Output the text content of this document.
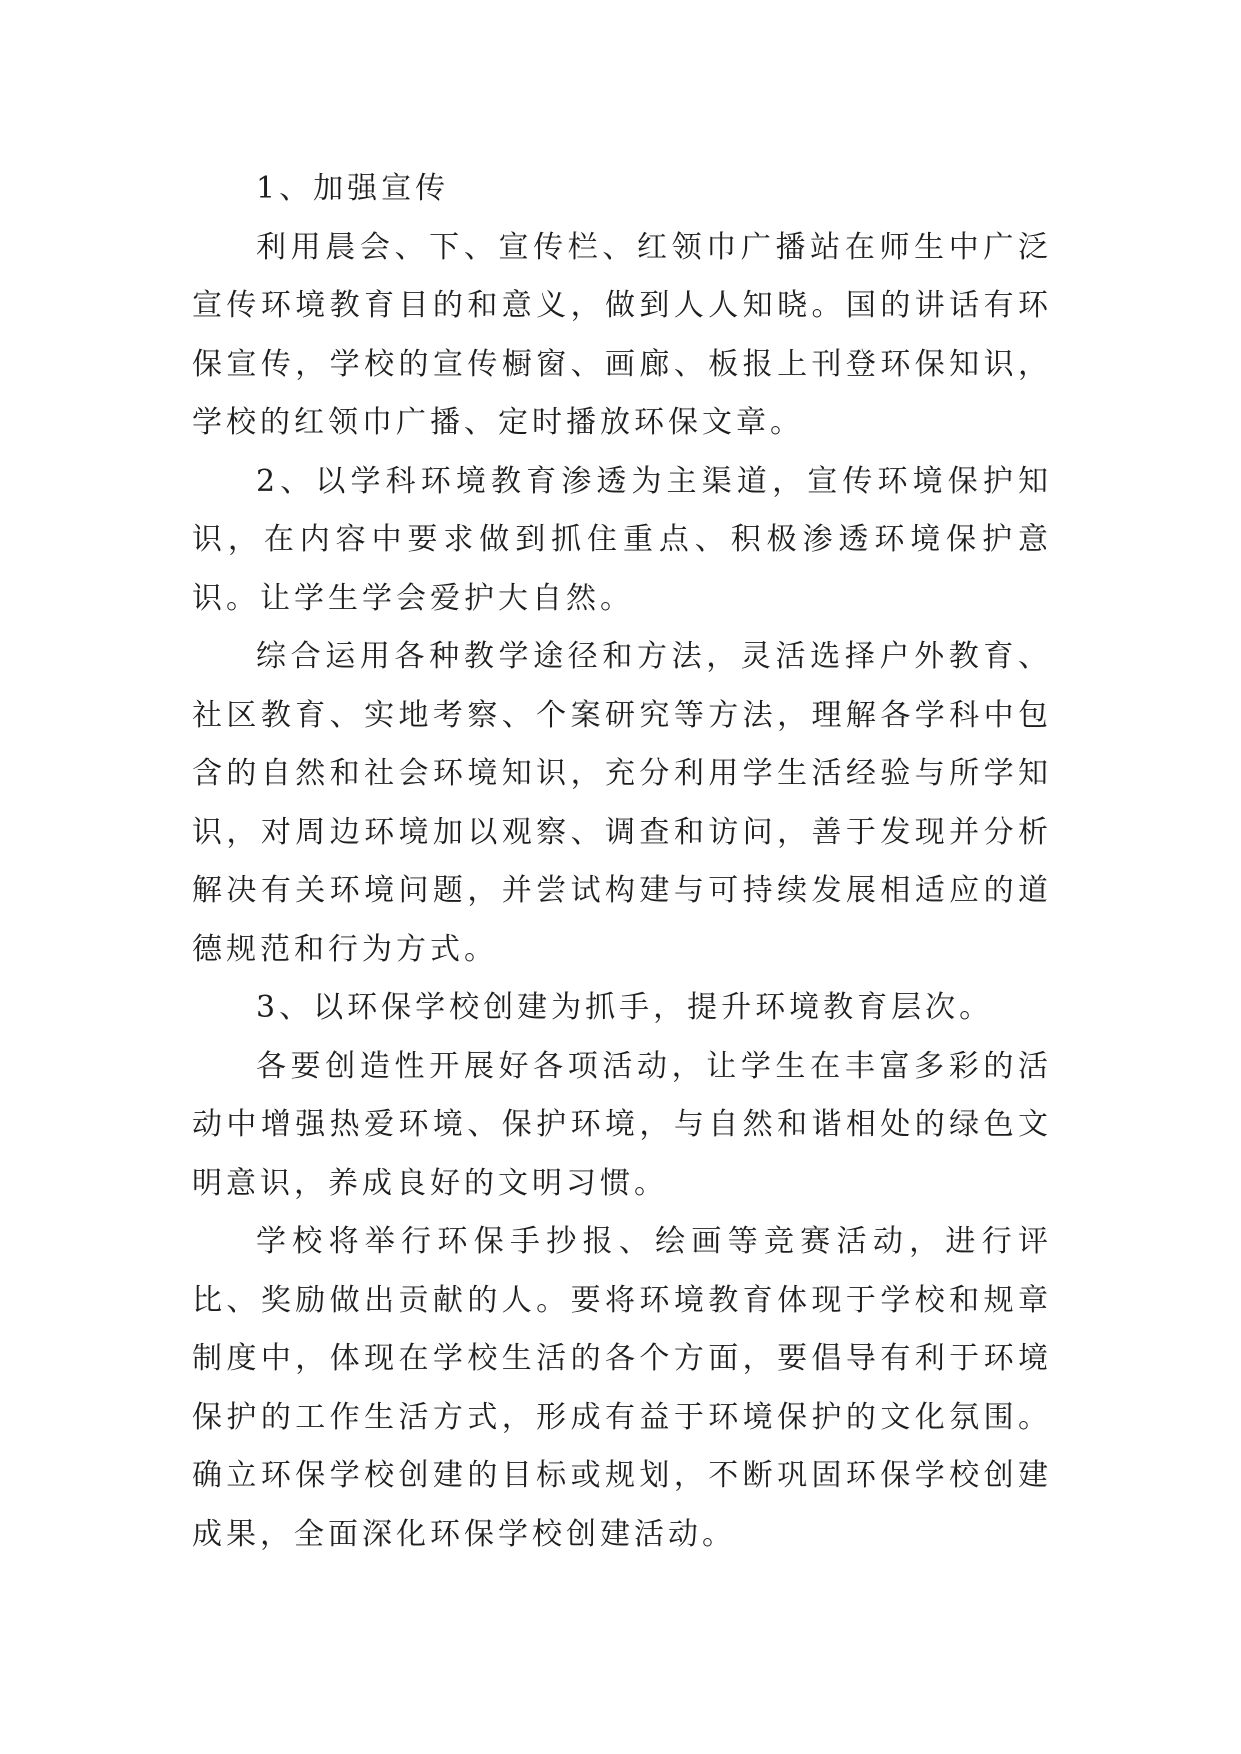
1、加强宣传

利用晨会、下、宣传栏、红领巾广播站在师生中广泛宣传环境教育目的和意义，做到人人知晓。国的讲话有环保宣传，学校的宣传橱窗、画廊、板报上刊登环保知识，学校的红领巾广播、定时播放环保文章。

2、以学科环境教育渗透为主渠道，宣传环境保护知识，在内容中要求做到抓住重点、积极渗透环境保护意识。让学生学会爱护大自然。

综合运用各种教学途径和方法，灵活选择户外教育、社区教育、实地考察、个案研究等方法，理解各学科中包含的自然和社会环境知识，充分利用学生活经验与所学知识，对周边环境加以观察、调查和访问，善于发现并分析解决有关环境问题，并尝试构建与可持续发展相适应的道德规范和行为方式。

3、以环保学校创建为抓手，提升环境教育层次。

各要创造性开展好各项活动，让学生在丰富多彩的活动中增强热爱环境、保护环境，与自然和谐相处的绿色文明意识，养成良好的文明习惯。

学校将举行环保手抄报、绘画等竞赛活动，进行评比、奖励做出贡献的人。要将环境教育体现于学校和规章制度中，体现在学校生活的各个方面，要倡导有利于环境保护的工作生活方式，形成有益于环境保护的文化氛围。确立环保学校创建的目标或规划，不断巩固环保学校创建成果，全面深化环保学校创建活动。
